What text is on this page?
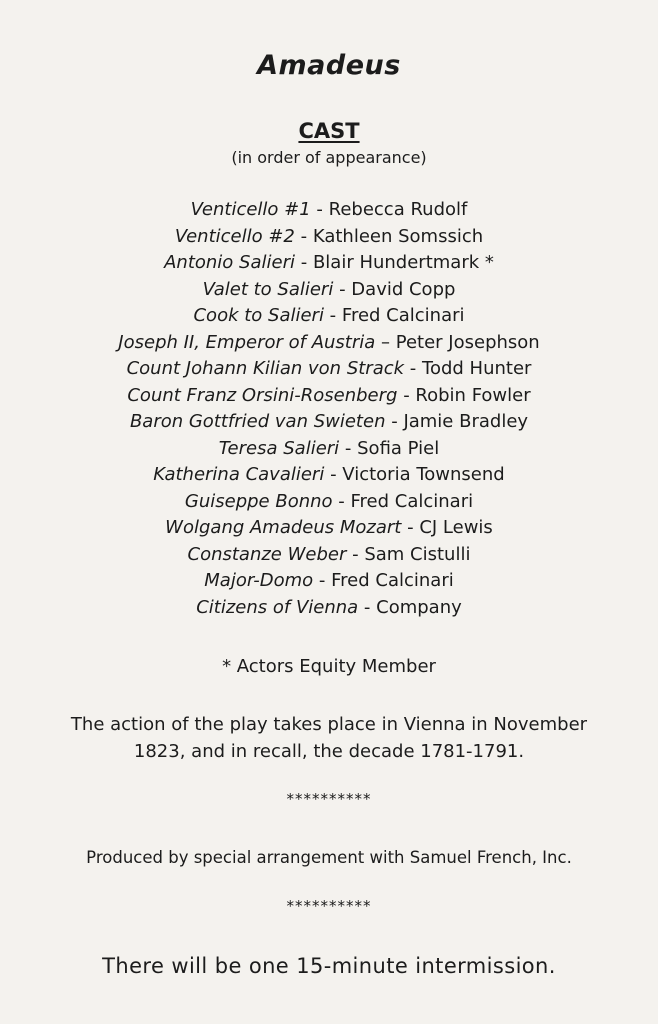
Amadeus
CAST
(in order of appearance)
Venticello #1 - Rebecca Rudolf
Venticello #2 - Kathleen Somssich
Antonio Salieri - Blair Hundertmark *
Valet to Salieri - David Copp
Cook to Salieri - Fred Calcinari
Joseph II, Emperor of Austria – Peter Josephson
Count Johann Kilian von Strack - Todd Hunter
Count Franz Orsini-Rosenberg - Robin Fowler
Baron Gottfried van Swieten - Jamie Bradley
Teresa Salieri - Sofia Piel
Katherina Cavalieri - Victoria Townsend
Guiseppe Bonno - Fred Calcinari
Wolgang Amadeus Mozart - CJ Lewis
Constanze Weber - Sam Cistulli
Major-Domo - Fred Calcinari
Citizens of Vienna - Company
* Actors Equity Member
The action of the play takes place in Vienna in November
1823, and in recall, the decade 1781-1791.
**********
Produced by special arrangement with Samuel French, Inc.
**********
There will be one 15-minute intermission.
